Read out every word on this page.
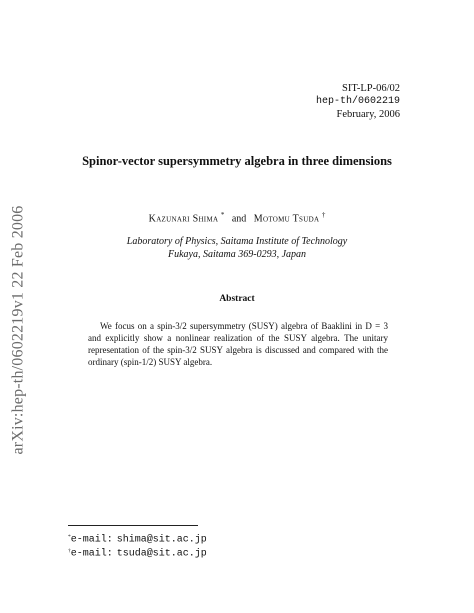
arXiv:hep-th/0602219v1 22 Feb 2006
SIT-LP-06/02
hep-th/0602219
February, 2006
Spinor-vector supersymmetry algebra in three dimensions
Kazunari Shima * and Motomu Tsuda †
Laboratory of Physics, Saitama Institute of Technology
Fukaya, Saitama 369-0293, Japan
Abstract
We focus on a spin-3/2 supersymmetry (SUSY) algebra of Baaklini in D = 3 and explicitly show a nonlinear realization of the SUSY algebra. The unitary representation of the spin-3/2 SUSY algebra is discussed and compared with the ordinary (spin-1/2) SUSY algebra.
*e-mail: shima@sit.ac.jp
†e-mail: tsuda@sit.ac.jp
